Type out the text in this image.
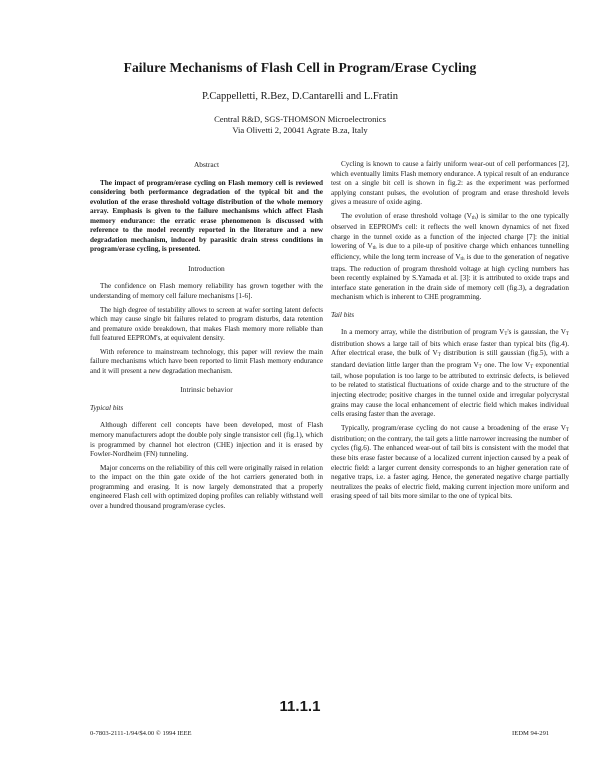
Failure Mechanisms of Flash Cell in Program/Erase Cycling
P.Cappelletti, R.Bez, D.Cantarelli and L.Fratin
Central R&D, SGS-THOMSON Microelectronics
Via Olivetti 2, 20041 Agrate B.za, Italy
Abstract

The impact of program/erase cycling on Flash memory cell is reviewed considering both performance degradation of the typical bit and the evolution of the erase threshold voltage distribution of the whole memory array. Emphasis is given to the failure mechanisms which affect Flash memory endurance: the erratic erase phenomenon is discussed with reference to the model recently reported in the literature and a new degradation mechanism, induced by parasitic drain stress conditions in program/erase cycling, is presented.

Introduction

The confidence on Flash memory reliability has grown together with the understanding of memory cell failure mechanisms [1-6].

The high degree of testability allows to screen at wafer sorting latent defects which may cause single bit failures related to program disturbs, data retention and premature oxide breakdown, that makes Flash memory more reliable than full featured EEPROM's, at equivalent density.

With reference to mainstream technology, this paper will review the main failure mechanisms which have been reported to limit Flash memory endurance and it will present a new degradation mechanism.

Intrinsic behavior
Typical bits

Although different cell concepts have been developed, most of Flash memory manufacturers adopt the double poly single transistor cell (fig.1), which is programmed by channel hot electron (CHE) injection and it is erased by Fowler-Nordheim (FN) tunneling.

Major concerns on the reliability of this cell were originally raised in relation to the impact on the thin gate oxide of the hot carriers generated both in programming and erasing. It is now largely demonstrated that a properly engineered Flash cell with optimized doping profiles can reliably withstand well over a hundred thousand program/erase cycles.

Cycling is known to cause a fairly uniform wear-out of cell performances [2], which eventually limits Flash memory endurance. A typical result of an endurance test on a single bit cell is shown in fig.2: as the experiment was performed applying constant pulses, the evolution of program and erase threshold levels gives a measure of oxide aging.

The evolution of erase threshold voltage (Vth) is similar to the one typically observed in EEPROM's cell: it reflects the well known dynamics of net fixed charge in the tunnel oxide as a function of the injected charge [7]: the initial lowering of Vth is due to a pile-up of positive charge which enhances tunnelling efficiency, while the long term increase of Vth is due to the generation of negative traps. The reduction of program threshold voltage at high cycling numbers has been recently explained by S.Yamada et al. [3]: it is attributed to oxide traps and interface state generation in the drain side of memory cell (fig.3), a degradation mechanism which is inherent to CHE programming.

Tail bits

In a memory array, while the distribution of program VT's is gaussian, the VT distribution shows a large tail of bits which erase faster than typical bits (fig.4). After electrical erase, the bulk of VT distribution is still gaussian (fig.5), with a standard deviation little larger than the program VT one. The low VT exponential tail, whose population is too large to be attributed to extrinsic defects, is believed to be related to statistical fluctuations of oxide charge and to the structure of the injecting electrode; positive charges in the tunnel oxide and irregular polycrystal grains may cause the local enhancement of electric field which makes individual cells erasing faster than the average.

Typically, program/erase cycling do not cause a broadening of the erase VT distribution; on the contrary, the tail gets a little narrower increasing the number of cycles (fig.6). The enhanced wear-out of tail bits is consistent with the model that these bits erase faster because of a localized current injection caused by a peak of electric field: a larger current density corresponds to an higher generation rate of negative traps, i.e. a faster aging. Hence, the generated negative charge partially neutralizes the peaks of electric field, making current injection more uniform and erasing speed of tail bits more similar to the one of typical bits.

11.1.1
0-7803-2111-1/94/$4.00 © 1994 IEEE	IEDM 94-291
